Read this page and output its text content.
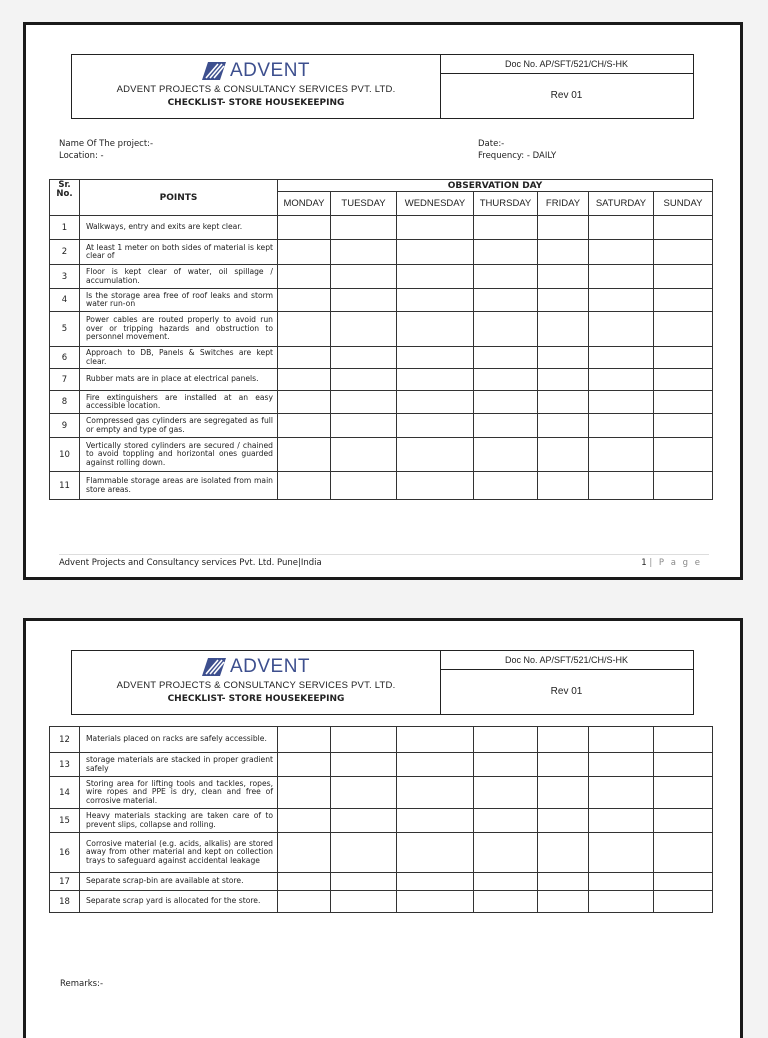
ADVENT
ADVENT PROJECTS & CONSULTANCY SERVICES PVT. LTD.
CHECKLIST- STORE HOUSEKEEPING
Doc No. AP/SFT/521/CH/S-HK
Rev 01
Name Of The project:-
Location: -
Date:-
Frequency: - DAILY
Sr. No.	POINTS	OBSERVATION DAY						
		MONDAY	TUESDAY	WEDNESDAY	THURSDAY	FRIDAY	SATURDAY	SUNDAY
1	Walkways, entry and exits are kept clear.							
2	At least 1 meter on both sides of material is kept clear of							
3	Floor is kept clear of water, oil spillage / accumulation.							
4	Is the storage area free of roof leaks and storm water run-on							
5	Power cables are routed properly to avoid run over or tripping hazards and obstruction to personnel movement.							
6	Approach to DB, Panels & Switches are kept clear.							
7	Rubber mats are in place at electrical panels.							
8	Fire extinguishers are installed at an easy accessible location.							
9	Compressed gas cylinders are segregated as full or empty and type of gas.							
10	Vertically stored cylinders are secured / chained to avoid toppling and horizontal ones guarded against rolling down.							
11	Flammable storage areas are isolated from main store areas.							
Advent Projects and Consultancy services Pvt. Ltd. Pune|India	1 | P a g e
ADVENT
ADVENT PROJECTS & CONSULTANCY SERVICES PVT. LTD.
CHECKLIST- STORE HOUSEKEEPING
Doc No. AP/SFT/521/CH/S-HK
Rev 01
12	Materials placed on racks are safely accessible.							
13	storage materials are stacked in proper gradient safely							
14	Storing area for lifting tools and tackles, ropes, wire ropes and PPE is dry, clean and free of corrosive material.							
15	Heavy materials stacking are taken care of to prevent slips, collapse and rolling.							
16	Corrosive material (e.g. acids, alkalis) are stored away from other material and kept on collection trays to safeguard against accidental leakage							
17	Separate scrap-bin are available at store.							
18	Separate scrap yard is allocated for the store.							
Remarks:-
